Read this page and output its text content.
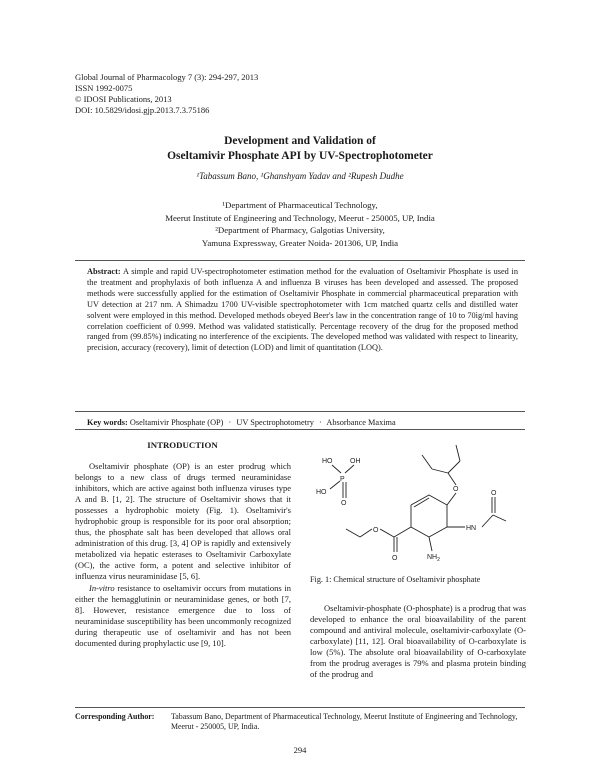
Global Journal of Pharmacology 7 (3): 294-297, 2013
ISSN 1992-0075
© IDOSI Publications, 2013
DOI: 10.5829/idosi.gjp.2013.7.3.75186
Development and Validation of
Oseltamivir Phosphate API by UV-Spectrophotometer
¹Tabassum Bano, ¹Ghanshyam Yadav and ²Rupesh Dudhe
¹Department of Pharmaceutical Technology,
Meerut Institute of Engineering and Technology, Meerut - 250005, UP, India
²Department of Pharmacy, Galgotias University,
Yamuna Expressway, Greater Noida- 201306, UP, India
Abstract: A simple and rapid UV-spectrophotometer estimation method for the evaluation of Oseltamivir Phosphate is used in the treatment and prophylaxis of both influenza A and influenza B viruses has been developed and assessed. The proposed methods were successfully applied for the estimation of Oseltamivir Phosphate in commercial pharmaceutical preparation with UV detection at 217 nm. A Shimadzu 1700 UV-visible spectrophotometer with 1cm matched quartz cells and distilled water solvent were employed in this method. Developed methods obeyed Beer's law in the concentration range of 10 to 70ìg/ml having correlation coefficient of 0.999. Method was validated statistically. Percentage recovery of the drug for the proposed method ranged from (99.85%) indicating no interference of the excipients. The developed method was validated with respect to linearity, precision, accuracy (recovery), limit of detection (LOD) and limit of quantitation (LOQ).
Key words: Oseltamivir Phosphate (OP) · UV Spectrophotometry · Absorbance Maxima
INTRODUCTION

Oseltamivir phosphate (OP) is an ester prodrug which belongs to a new class of drugs termed neuraminidase inhibitors, which are active against both influenza viruses type A and B. [1, 2]. The structure of Oseltamivir shows that it possesses a hydrophobic moiety (Fig. 1). Oseltamivir's hydrophobic group is responsible for its poor oral absorption; thus, the phosphate salt has been developed that allows oral administration of this drug. [3, 4] OP is rapidly and extensively metabolized via hepatic esterases to Oseltamivir Carboxylate (OC), the active form, a potent and selective inhibitor of influenza virus neuraminidase [5, 6].

In-vitro resistance to oseltamivir occurs from mutations in either the hemagglutinin or neuraminidase genes, or both [7, 8]. However, resistance emergence due to loss of neuraminidase susceptibility has been uncommonly recognized during therapeutic use of oseltamivir and has not been documented during prophylactic use [9, 10].

HO	OH
P
O
HO	O
O
O	HN
O
$NH_2$
Fig. 1: Chemical structure of Oseltamivir phosphate

Oseltamivir-phosphate (O-phosphate) is a prodrug that was developed to enhance the oral bioavailability of the parent compound and antiviral molecule, oseltamivir-carboxylate (O-carboxylate) [11, 12]. Oral bioavailability of O-carboxylate is low (5%). The absolute oral bioavailability of O-carboxylate from the prodrug averages is 79% and plasma protein binding of the prodrug and

Corresponding Author: Tabassum Bano, Department of Pharmaceutical Technology, Meerut Institute of Engineering and Technology, Meerut - 250005, UP, India.
294
